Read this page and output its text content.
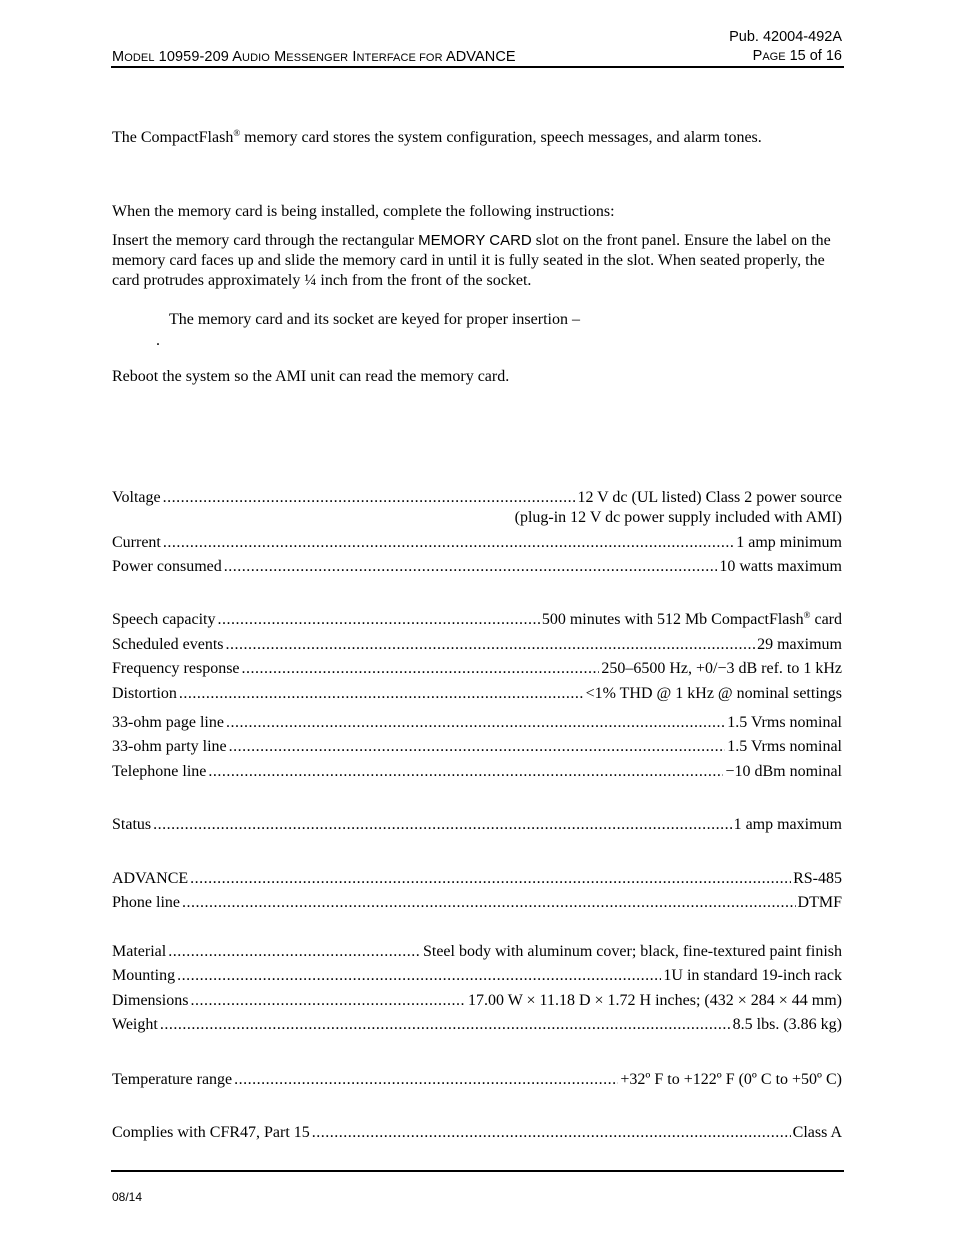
Pub. 42004-492A
PAGE 15 of 16
MODEL 10959-209 AUDIO MESSENGER INTERFACE FOR ADVANCE
The CompactFlash® memory card stores the system configuration, speech messages, and alarm tones.
When the memory card is being installed, complete the following instructions:
Insert the memory card through the rectangular MEMORY CARD slot on the front panel. Ensure the label on the memory card faces up and slide the memory card in until it is fully seated in the slot. When seated properly, the card protrudes approximately ¼ inch from the front of the socket.
The memory card and its socket are keyed for proper insertion –
.
Reboot the system so the AMI unit can read the memory card.
Voltage .....	12 V dc (UL listed) Class 2 power source
(plug-in 12 V dc power supply included with AMI)
Current .....	1 amp minimum
Power consumed .....	10 watts maximum
Speech capacity .....	500 minutes with 512 Mb CompactFlash® card
Scheduled events .....	29 maximum
Frequency response .....	250–6500 Hz, +0/−3 dB ref. to 1 kHz
Distortion .....	<1% THD @ 1 kHz @ nominal settings
33-ohm page line .....	1.5 Vrms nominal
33-ohm party line .....	1.5 Vrms nominal
Telephone line .....	−10 dBm nominal
Status .....	1 amp maximum
ADVANCE .....	RS-485
Phone line .....	DTMF
Material .....	Steel body with aluminum cover; black, fine-textured paint finish
Mounting .....	1U in standard 19-inch rack
Dimensions .....	17.00 W × 11.18 D × 1.72 H inches; (432 × 284 × 44 mm)
Weight .....	8.5 lbs. (3.86 kg)
Temperature range .....	+32º F to +122º F (0º C to +50º C)
Complies with CFR47, Part 15 .....	Class A
08/14
